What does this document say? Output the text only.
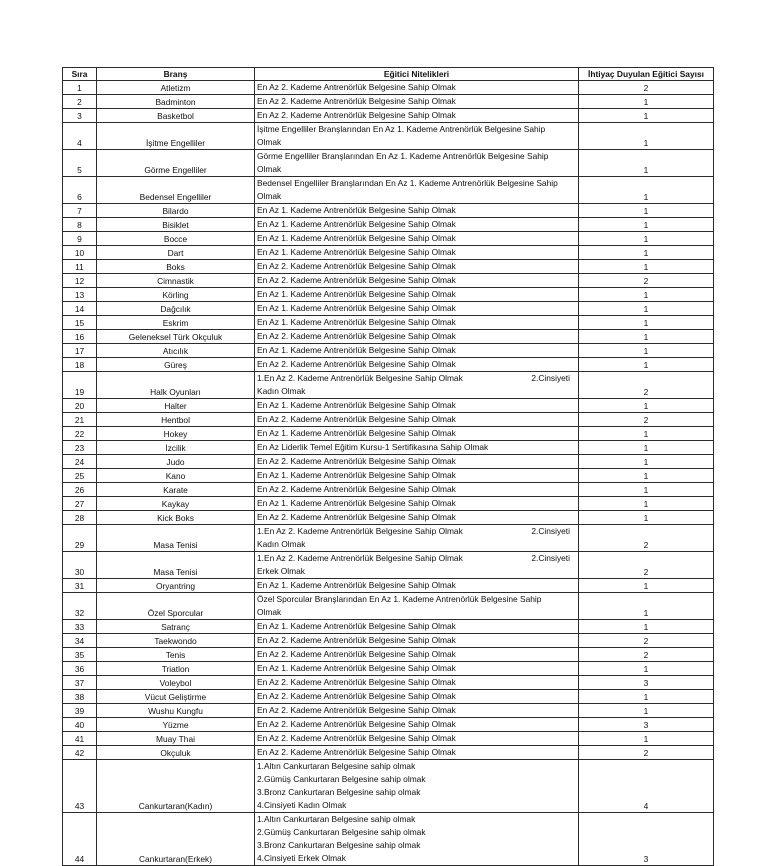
Sıra	Branş	Eğitici Nitelikleri	İhtiyaç Duyulan Eğitici Sayısı
1	Atletizm	En Az 2. Kademe Antrenörlük Belgesine Sahip Olmak	2
2	Badminton	En Az 2. Kademe Antrenörlük Belgesine Sahip Olmak	1
3	Basketbol	En Az 2. Kademe Antrenörlük Belgesine Sahip Olmak	1
4	İşitme Engelliler	İşitme Engelliler Branşlarından En Az 1. Kademe Antrenörlük Belgesine Sahip
Olmak	1
5	Görme Engelliler	Görme Engelliler Branşlarından En Az 1. Kademe Antrenörlük Belgesine Sahip
Olmak	1
6	Bedensel Engelliler	Bedensel Engelliler Branşlarından En Az 1. Kademe Antrenörlük Belgesine Sahip
Olmak	1
7	Bilardo	En Az 1. Kademe Antrenörlük Belgesine Sahip Olmak	1
8	Bisiklet	En Az 1. Kademe Antrenörlük Belgesine Sahip Olmak	1
9	Bocce	En Az 1. Kademe Antrenörlük Belgesine Sahip Olmak	1
10	Dart	En Az 1. Kademe Antrenörlük Belgesine Sahip Olmak	1
11	Boks	En Az 2. Kademe Antrenörlük Belgesine Sahip Olmak	1
12	Cimnastik	En Az 2. Kademe Antrenörlük Belgesine Sahip Olmak	2
13	Körling	En Az 1. Kademe Antrenörlük Belgesine Sahip Olmak	1
14	Dağcılık	En Az 1. Kademe Antrenörlük Belgesine Sahip Olmak	1
15	Eskrim	En Az 1. Kademe Antrenörlük Belgesine Sahip Olmak	1
16	Geleneksel Türk Okçuluk	En Az 2. Kademe Antrenörlük Belgesine Sahip Olmak	1
17	Atıcılık	En Az 1. Kademe Antrenörlük Belgesine Sahip Olmak	1
18	Güreş	En Az 2. Kademe Antrenörlük Belgesine Sahip Olmak	1
19	Halk Oyunları	1.En Az 2. Kademe Antrenörlük Belgesine Sahip Olmak 2.Cinsiyeti
Kadın Olmak	2
20	Halter	En Az 1. Kademe Antrenörlük Belgesine Sahip Olmak	1
21	Hentbol	En Az 2. Kademe Antrenörlük Belgesine Sahip Olmak	2
22	Hokey	En Az 1. Kademe Antrenörlük Belgesine Sahip Olmak	1
23	İzcilik	En Az Liderlik Temel Eğitim Kursu-1 Sertifikasına Sahip Olmak	1
24	Judo	En Az 2. Kademe Antrenörlük Belgesine Sahip Olmak	1
25	Kano	En Az 1. Kademe Antrenörlük Belgesine Sahip Olmak	1
26	Karate	En Az 2. Kademe Antrenörlük Belgesine Sahip Olmak	1
27	Kaykay	En Az 1. Kademe Antrenörlük Belgesine Sahip Olmak	1
28	Kick Boks	En Az 2. Kademe Antrenörlük Belgesine Sahip Olmak	1
29	Masa Tenisi	1.En Az 2. Kademe Antrenörlük Belgesine Sahip Olmak 2.Cinsiyeti
Kadın Olmak	2
30	Masa Tenisi	1.En Az 2. Kademe Antrenörlük Belgesine Sahip Olmak 2.Cinsiyeti
Erkek Olmak	2
31	Oryantring	En Az 1. Kademe Antrenörlük Belgesine Sahip Olmak	1
32	Özel Sporcular	Özel Sporcular Branşlarından En Az 1. Kademe Antrenörlük Belgesine Sahip
Olmak	1
33	Satranç	En Az 1. Kademe Antrenörlük Belgesine Sahip Olmak	1
34	Taekwondo	En Az 2. Kademe Antrenörlük Belgesine Sahip Olmak	2
35	Tenis	En Az 2. Kademe Antrenörlük Belgesine Sahip Olmak	2
36	Triatlon	En Az 1. Kademe Antrenörlük Belgesine Sahip Olmak	1
37	Voleybol	En Az 2. Kademe Antrenörlük Belgesine Sahip Olmak	3
38	Vücut Geliştirme	En Az 2. Kademe Antrenörlük Belgesine Sahip Olmak	1
39	Wushu Kungfu	En Az 2. Kademe Antrenörlük Belgesine Sahip Olmak	1
40	Yüzme	En Az 2. Kademe Antrenörlük Belgesine Sahip Olmak	3
41	Muay Thai	En Az 2. Kademe Antrenörlük Belgesine Sahip Olmak	1
42	Okçuluk	En Az 2. Kademe Antrenörlük Belgesine Sahip Olmak	2
43	Cankurtaran(Kadın)	1.Altın Cankurtaran Belgesine sahip olmak
2.Gümüş Cankurtaran Belgesine sahip olmak
3.Bronz Cankurtaran Belgesine sahip olmak
4.Cinsiyeti Kadın Olmak	4
44	Cankurtaran(Erkek)	1.Altın Cankurtaran Belgesine sahip olmak
2.Gümüş Cankurtaran Belgesine sahip olmak
3.Bronz Cankurtaran Belgesine sahip olmak
4.Cinsiyeti Erkek Olmak	3
